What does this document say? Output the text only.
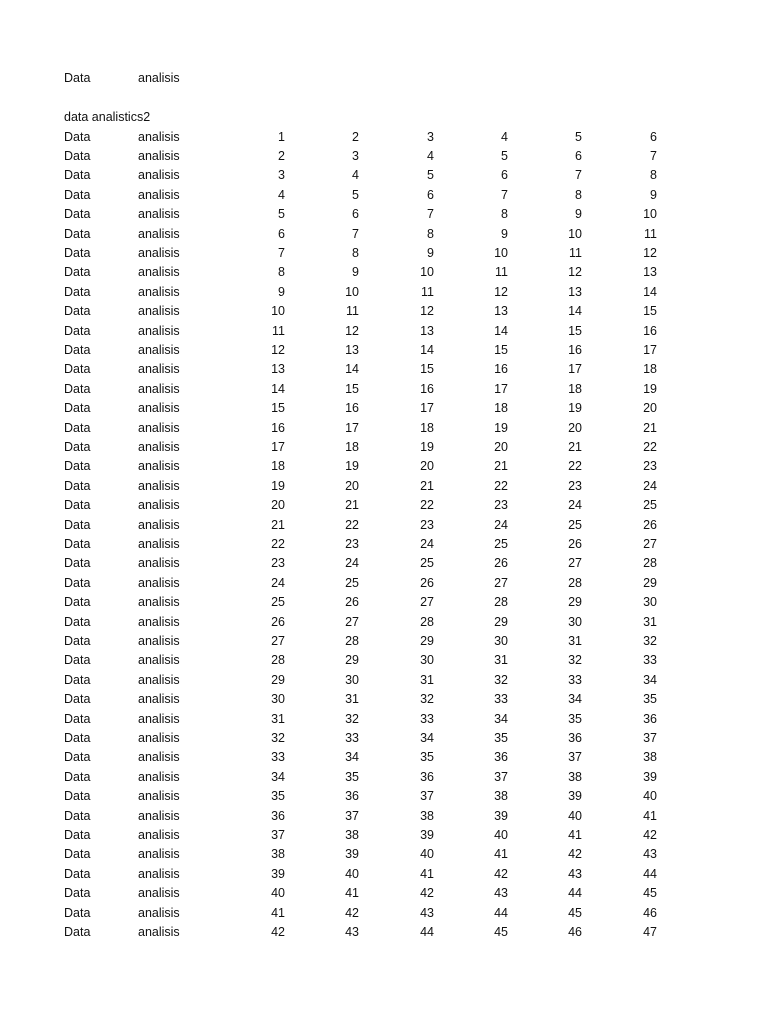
Data	analisis
data analistics2
Data	analisis	1	2	3	4	5	6
Data	analisis	2	3	4	5	6	7
Data	analisis	3	4	5	6	7	8
Data	analisis	4	5	6	7	8	9
Data	analisis	5	6	7	8	9	10
Data	analisis	6	7	8	9	10	11
Data	analisis	7	8	9	10	11	12
Data	analisis	8	9	10	11	12	13
Data	analisis	9	10	11	12	13	14
Data	analisis	10	11	12	13	14	15
Data	analisis	11	12	13	14	15	16
Data	analisis	12	13	14	15	16	17
Data	analisis	13	14	15	16	17	18
Data	analisis	14	15	16	17	18	19
Data	analisis	15	16	17	18	19	20
Data	analisis	16	17	18	19	20	21
Data	analisis	17	18	19	20	21	22
Data	analisis	18	19	20	21	22	23
Data	analisis	19	20	21	22	23	24
Data	analisis	20	21	22	23	24	25
Data	analisis	21	22	23	24	25	26
Data	analisis	22	23	24	25	26	27
Data	analisis	23	24	25	26	27	28
Data	analisis	24	25	26	27	28	29
Data	analisis	25	26	27	28	29	30
Data	analisis	26	27	28	29	30	31
Data	analisis	27	28	29	30	31	32
Data	analisis	28	29	30	31	32	33
Data	analisis	29	30	31	32	33	34
Data	analisis	30	31	32	33	34	35
Data	analisis	31	32	33	34	35	36
Data	analisis	32	33	34	35	36	37
Data	analisis	33	34	35	36	37	38
Data	analisis	34	35	36	37	38	39
Data	analisis	35	36	37	38	39	40
Data	analisis	36	37	38	39	40	41
Data	analisis	37	38	39	40	41	42
Data	analisis	38	39	40	41	42	43
Data	analisis	39	40	41	42	43	44
Data	analisis	40	41	42	43	44	45
Data	analisis	41	42	43	44	45	46
Data	analisis	42	43	44	45	46	47
